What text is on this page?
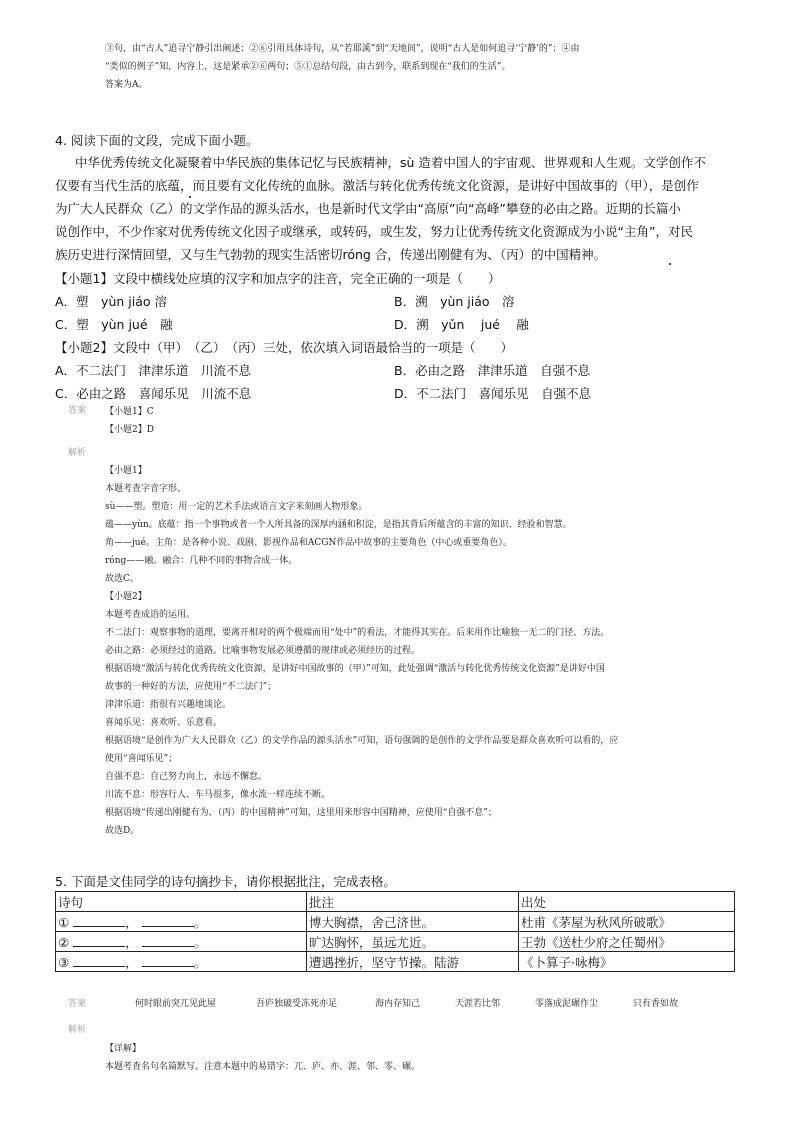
③句，由“古人”追寻宁静引出阐述；②⑥引用具体诗句，从“若耶溪”到“天地间”，说明“古人是如何追寻‘宁静’的”；④由
“类似的例子”知，内容上，这是紧承②⑥两句；⑤①总结句段，由古到今，联系到现在“我们的生活”。
答案为A。
4. 阅读下面的文段，完成下面小题。
中华优秀传统文化凝聚着中华民族的集体记忆与民族精神，sù 造着中国人的宇宙观、世界观和人生观。文学创作不
仅要有当代生活的底蕴，而且要有文化传统的血脉。激活与转化优秀传统文化资源，是讲好中国故事的（甲），是创作
为广大人民群众（乙）的文学作品的源头活水，也是新时代文学由“高原”向“高峰”攀登的必由之路。近期的长篇小
说创作中，不少作家对优秀传统文化因子或继承，或转码，或生发，努力让优秀传统文化资源成为小说“主角”，对民
族历史进行深情回望，又与生气勃勃的现实生活密切róng 合，传递出刚健有为、（丙）的中国精神。
【小题1】文段中横线处应填的汉字和加点字的注音，完全正确的一项是（　　）
A．塑　yùn jiáo 溶	B．溯　yùn jiáo　溶
C．塑　yùn jué　融	D．溯　yǔn　 jué　 融
【小题2】文段中（甲）　（乙）　（丙）三处，依次填入词语最恰当的一项是（　　）
A．不二法门　津津乐道　川流不息	B．必由之路　津津乐道　自强不息
C．必由之路　喜闻乐见　川流不息	D．不二法门　喜闻乐见　自强不息
答案 【小题1】C
【小题2】D
解析
【小题1】
本题考查字音字形。
sù——塑。塑造：用一定的艺术手法或语言文字来刻画人物形象。
蕴——yùn。底蕴：指一个事物或者一个人所具备的深厚内涵和积淀，是指其背后所蕴含的丰富的知识、经验和智慧。
角——jué。主角：是各种小说、戏剧、影视作品和ACGN作品中故事的主要角色（中心或重要角色）。
róng——融。融合：几种不同的事物合成一体。
故选C。
【小题2】
本题考查成语的运用。
不二法门：观察事物的道理，要离开相对的两个极端而用“处中”的看法，才能得其实在。后来用作比喻独一无二的门径、方法。
必由之路：必须经过的道路。比喻事物发展必须遵循的规律或必须经历的过程。
根据语境“激活与转化优秀传统文化资源，是讲好中国故事的（甲）”可知，此处强调“激活与转化优秀传统文化资源”是讲好中国
故事的一种好的方法，应使用“不二法门”；
津津乐道：指很有兴趣地谈论。
喜闻乐见：喜欢听、乐意看。
根据语境“是创作为广大人民群众（乙）的文学作品的源头活水”可知，语句强调的是创作的文学作品要是群众喜欢听可以看的，应
使用“喜闻乐见”；
自强不息：自己努力向上，永远不懈怠。
川流不息：形容行人、车马很多，像水流一样连续不断。
根据语境“传递出刚健有为、（丙）的中国精神”可知，这里用来形容中国精神，应使用“自强不息”；
故选D。
5. 下面是文佳同学的诗句摘抄卡，请你根据批注，完成表格。
诗句	批注	出处
① ， 。	博大胸襟，舍己济世。	杜甫《茅屋为秋风所破歌》
② ， 。	旷达胸怀，虽远尤近。	王勃《送杜少府之任蜀州》
③ ， 。	遭遇挫折，坚守节操。陆游	《卜算子·咏梅》
答案	何时眼前突兀见此屋	吾庐独破受冻死亦足	海内存知己	天涯若比邻	零落成泥碾作尘	只有香如故
解析
【详解】
本题考查名句名篇默写。注意本题中的易错字：兀、庐、亦、涯、邻、零、碾。
